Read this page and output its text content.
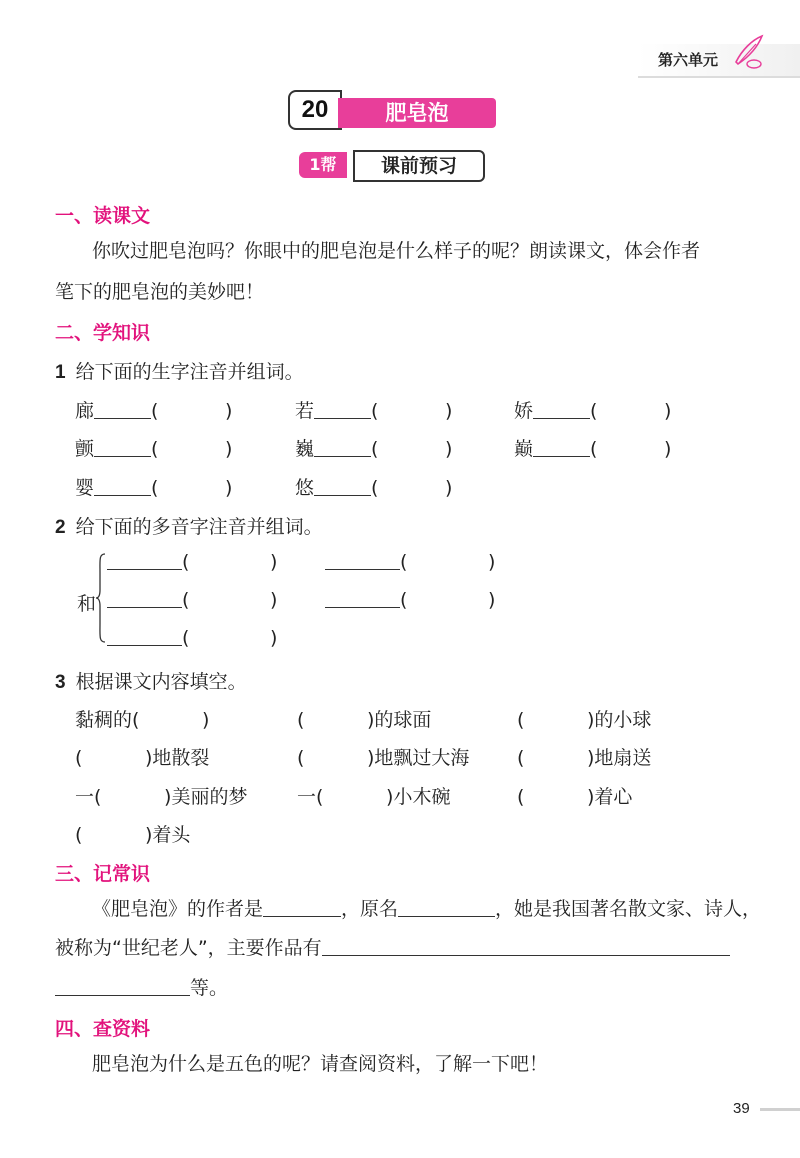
第六单元
20	肥皂泡
1帮	课前预习
一、读课文
你吹过肥皂泡吗？你眼中的肥皂泡是什么样子的呢？朗读课文，体会作者
笔下的肥皂泡的美妙吧！
二、学知识
1 给下面的生字注音并组词。
廊	(	)	若	(	)	娇	(	)
颤	(	)	巍	(	)	巅	(	)
婴	(	)	悠	(	)
2 给下面的多音字注音并组词。
和
(	)	(	)
(	)	(	)
(	)
3 根据课文内容填空。
黏稠的(	)	(	)的球面	(	)的小球
(	)地散裂	(	)地飘过大海	(	)地扇送
一(	)美丽的梦	一(	)小木碗	(	)着心
(	)着头
三、记常识
《肥皂泡》的作者是	，原名	，她是我国著名散文家、诗人，
被称为“世纪老人”，主要作品有
等。
四、查资料
肥皂泡为什么是五色的呢？请查阅资料，了解一下吧！
39
